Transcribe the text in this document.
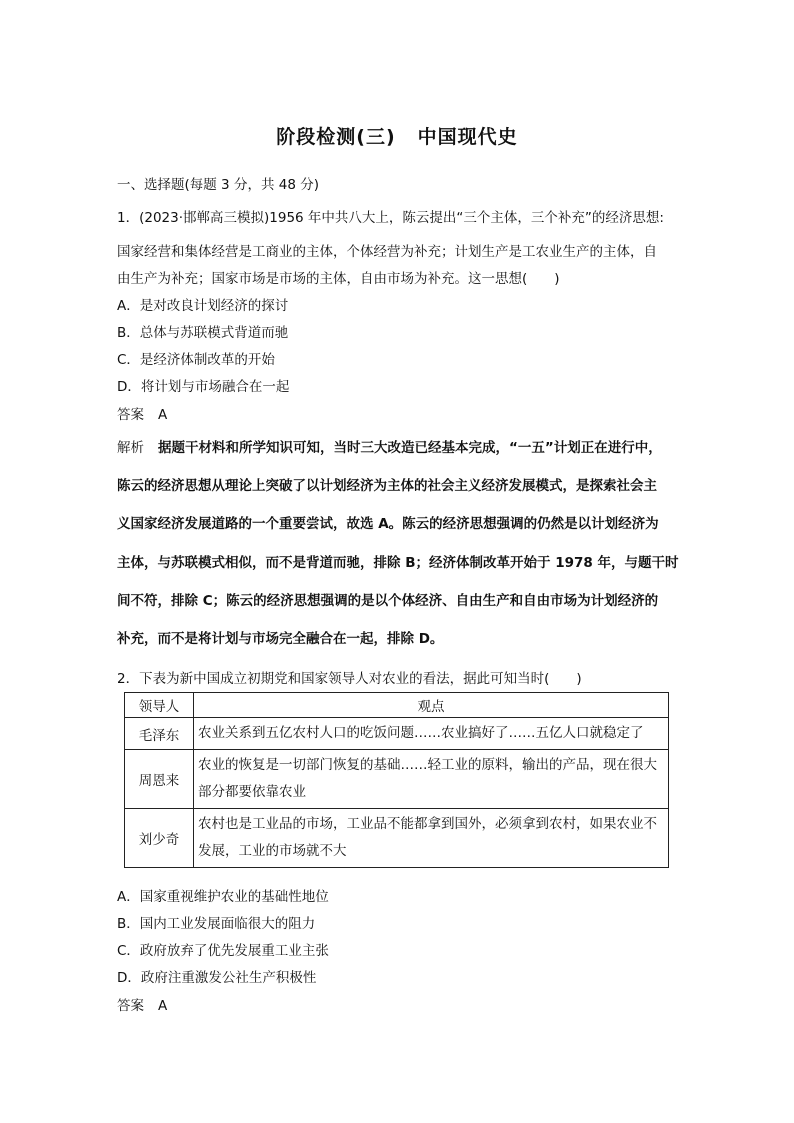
阶段检测(三) 中国现代史
一、选择题(每题 3 分，共 48 分)
1．(2023·邯郸高三模拟)1956 年中共八大上，陈云提出“三个主体，三个补充”的经济思想:
国家经营和集体经营是工商业的主体，个体经营为补充；计划生产是工农业生产的主体，自
由生产为补充；国家市场是市场的主体，自由市场为补充。这一思想(　　)
A．是对改良计划经济的探讨
B．总体与苏联模式背道而驰
C．是经济体制改革的开始
D．将计划与市场融合在一起
答案 A
解析 据题干材料和所学知识可知，当时三大改造已经基本完成，“一五”计划正在进行中，
陈云的经济思想从理论上突破了以计划经济为主体的社会主义经济发展模式，是探索社会主
义国家经济发展道路的一个重要尝试，故选 A。陈云的经济思想强调的仍然是以计划经济为
主体，与苏联模式相似，而不是背道而驰，排除 B；经济体制改革开始于 1978 年，与题干时
间不符，排除 C；陈云的经济思想强调的是以个体经济、自由生产和自由市场为计划经济的
补充，而不是将计划与市场完全融合在一起，排除 D。
2．下表为新中国成立初期党和国家领导人对农业的看法，据此可知当时(　　)
领导人	观点
毛泽东	农业关系到五亿农村人口的吃饭问题……农业搞好了……五亿人口就稳定了
周恩来	农业的恢复是一切部门恢复的基础……轻工业的原料，输出的产品，现在很大部分都要依靠农业
刘少奇	农村也是工业品的市场，工业品不能都拿到国外，必须拿到农村，如果农业不发展，工业的市场就不大
A．国家重视维护农业的基础性地位
B．国内工业发展面临很大的阻力
C．政府放弃了优先发展重工业主张
D．政府注重激发公社生产积极性
答案 A
